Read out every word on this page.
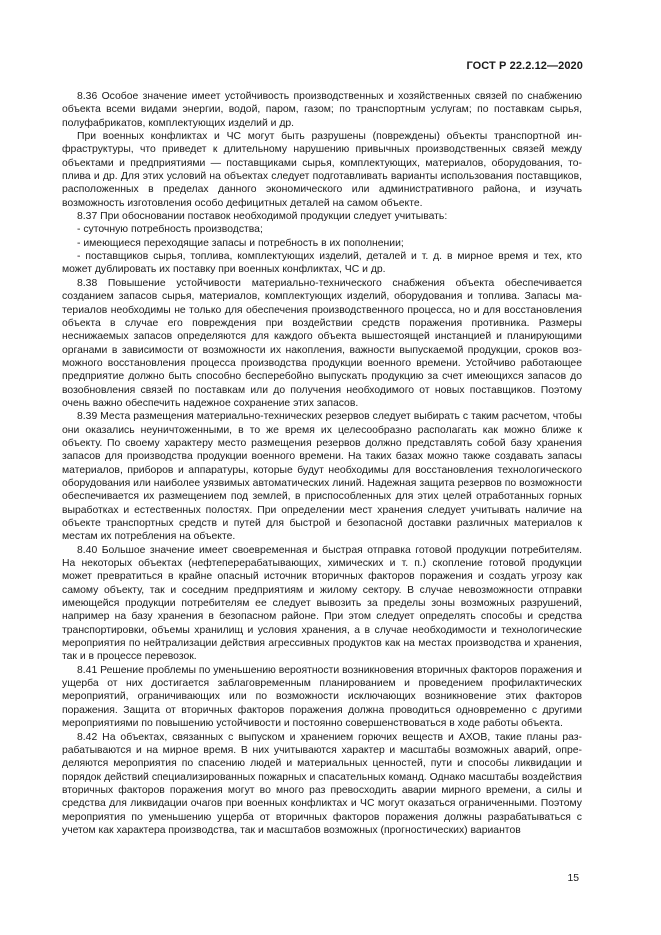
ГОСТ Р 22.2.12—2020

8.36 Особое значение имеет устойчивость производственных и хозяйственных связей по снабжению объекта всеми видами энергии, водой, паром, газом; по транспортным услугам; по поставкам сырья, полуфабрикатов, комплектующих изделий и др.

При военных конфликтах и ЧС могут быть разрушены (повреждены) объекты транспортной инфраструктуры, что приведет к длительному нарушению привычных производственных связей между объектами и предприятиями — поставщиками сырья, комплектующих, материалов, оборудования, топлива и др. Для этих условий на объектах следует подготавливать варианты использования поставщиков, расположенных в пределах данного экономического или административного района, и изучать возможность изготовления особо дефицитных деталей на самом объекте.

8.37 При обосновании поставок необходимой продукции следует учитывать:

- суточную потребность производства;

- имеющиеся переходящие запасы и потребность в их пополнении;

- поставщиков сырья, топлива, комплектующих изделий, деталей и т. д. в мирное время и тех, кто может дублировать их поставку при военных конфликтах, ЧС и др.

8.38 Повышение устойчивости материально-технического снабжения объекта обеспечивается созданием запасов сырья, материалов, комплектующих изделий, оборудования и топлива. Запасы материалов необходимы не только для обеспечения производственного процесса, но и для восстановления объекта в случае его повреждения при воздействии средств поражения противника. Размеры неснижаемых запасов определяются для каждого объекта вышестоящей инстанцией и планирующими органами в зависимости от возможности их накопления, важности выпускаемой продукции, сроков возможного восстановления процесса производства продукции военного времени. Устойчиво работающее предприятие должно быть способно бесперебойно выпускать продукцию за счет имеющихся запасов до возобновления связей по поставкам или до получения необходимого от новых поставщиков. Поэтому очень важно обеспечить надежное сохранение этих запасов.

8.39 Места размещения материально-технических резервов следует выбирать с таким расчетом, чтобы они оказались неуничтоженными, в то же время их целесообразно располагать как можно ближе к объекту. По своему характеру место размещения резервов должно представлять собой базу хранения запасов для производства продукции военного времени. На таких базах можно также создавать запасы материалов, приборов и аппаратуры, которые будут необходимы для восстановления технологического оборудования или наиболее уязвимых автоматических линий. Надежная защита резервов по возможности обеспечивается их размещением под землей, в приспособленных для этих целей отработанных горных выработках и естественных полостях. При определении мест хранения следует учитывать наличие на объекте транспортных средств и путей для быстрой и безопасной доставки различных материалов к местам их потребления на объекте.

8.40 Большое значение имеет своевременная и быстрая отправка готовой продукции потребителям. На некоторых объектах (нефтеперерабатывающих, химических и т. п.) скопление готовой продукции может превратиться в крайне опасный источник вторичных факторов поражения и создать угрозу как самому объекту, так и соседним предприятиям и жилому сектору. В случае невозможности отправки имеющейся продукции потребителям ее следует вывозить за пределы зоны возможных разрушений, например на базу хранения в безопасном районе. При этом следует определять способы и средства транспортировки, объемы хранилищ и условия хранения, а в случае необходимости и технологические мероприятия по нейтрализации действия агрессивных продуктов как на местах производства и хранения, так и в процессе перевозок.

8.41 Решение проблемы по уменьшению вероятности возникновения вторичных факторов поражения и ущерба от них достигается заблаговременным планированием и проведением профилактических мероприятий, ограничивающих или по возможности исключающих возникновение этих факторов поражения. Защита от вторичных факторов поражения должна проводиться одновременно с другими мероприятиями по повышению устойчивости и постоянно совершенствоваться в ходе работы объекта.

8.42 На объектах, связанных с выпуском и хранением горючих веществ и АХОВ, такие планы разрабатываются и на мирное время. В них учитываются характер и масштабы возможных аварий, определяются мероприятия по спасению людей и материальных ценностей, пути и способы ликвидации и порядок действий специализированных пожарных и спасательных команд. Однако масштабы воздействия вторичных факторов поражения могут во много раз превосходить аварии мирного времени, а силы и средства для ликвидации очагов при военных конфликтах и ЧС могут оказаться ограниченными. Поэтому мероприятия по уменьшению ущерба от вторичных факторов поражения должны разрабатываться с учетом как характера производства, так и масштабов возможных (прогностических) вариантов

15
